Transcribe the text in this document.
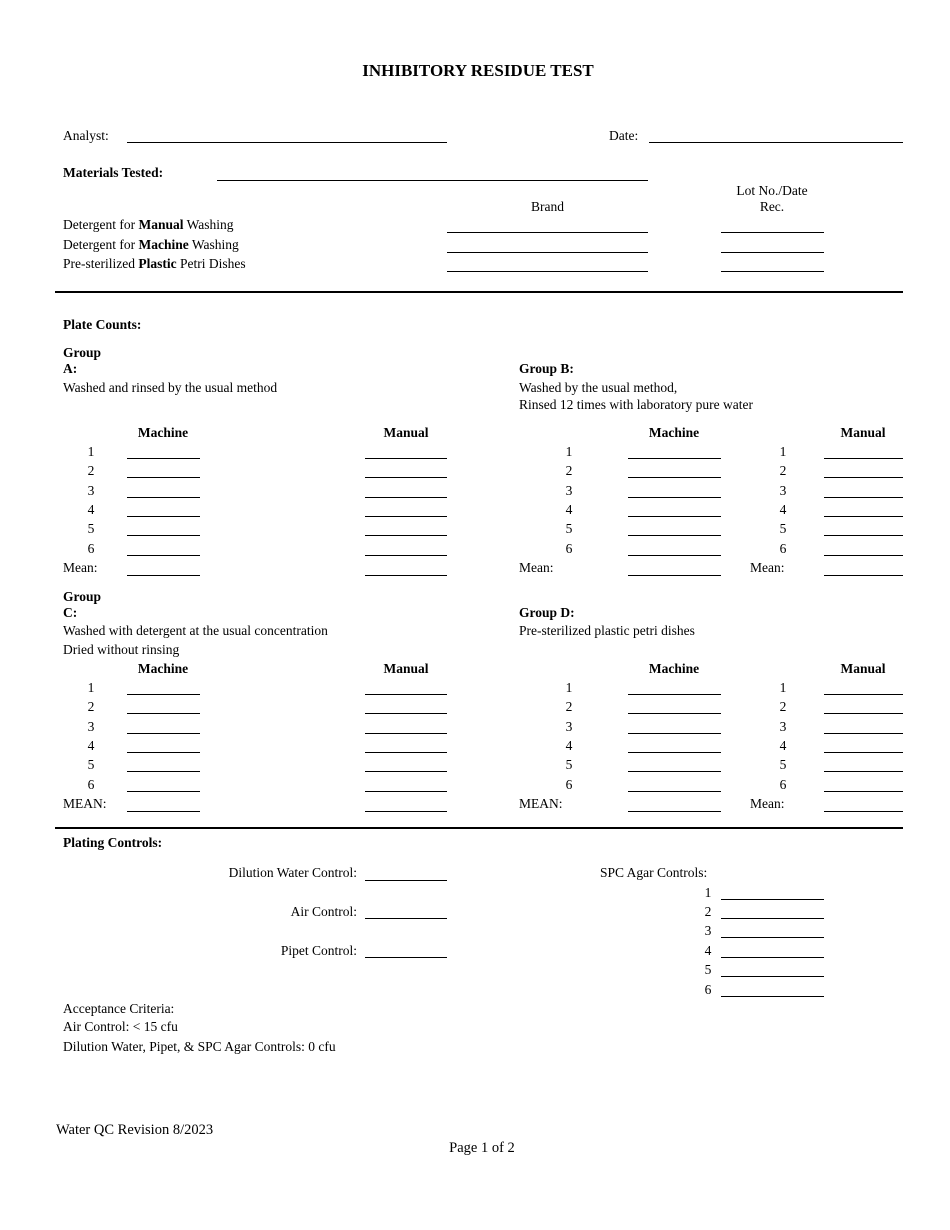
INHIBITORY RESIDUE TEST
Analyst:	Date:
Materials Tested:
Lot No./Date
Rec.
Brand
Detergent for Manual Washing
Detergent for Machine Washing
Pre-sterilized Plastic Petri Dishes
Plate Counts:
Group
A:
Washed and rinsed by the usual method
Machine	Manual
1
2
3
4
5
6
Mean:
Group B:
Washed by the usual method,
Rinsed 12 times with laboratory pure water
Machine	Manual
1	1
2	2
3	3
4	4
5	5
6	6
Mean:	Mean:
Group
C:
Washed with detergent at the usual concentration
Dried without rinsing
Machine	Manual
1
2
3
4
5
6
MEAN:
Group D:
Pre-sterilized plastic petri dishes
Machine	Manual
1	1
2	2
3	3
4	4
5	5
6	6
MEAN:	Mean:
Plating Controls:
Dilution Water Control:
Air Control:
Pipet Control:
SPC Agar Controls:
1
2
3
4
5
6
Acceptance Criteria:
Air Control: < 15 cfu
Dilution Water, Pipet, & SPC Agar Controls: 0 cfu
Water QC Revision 8/2023
Page 1 of 2
